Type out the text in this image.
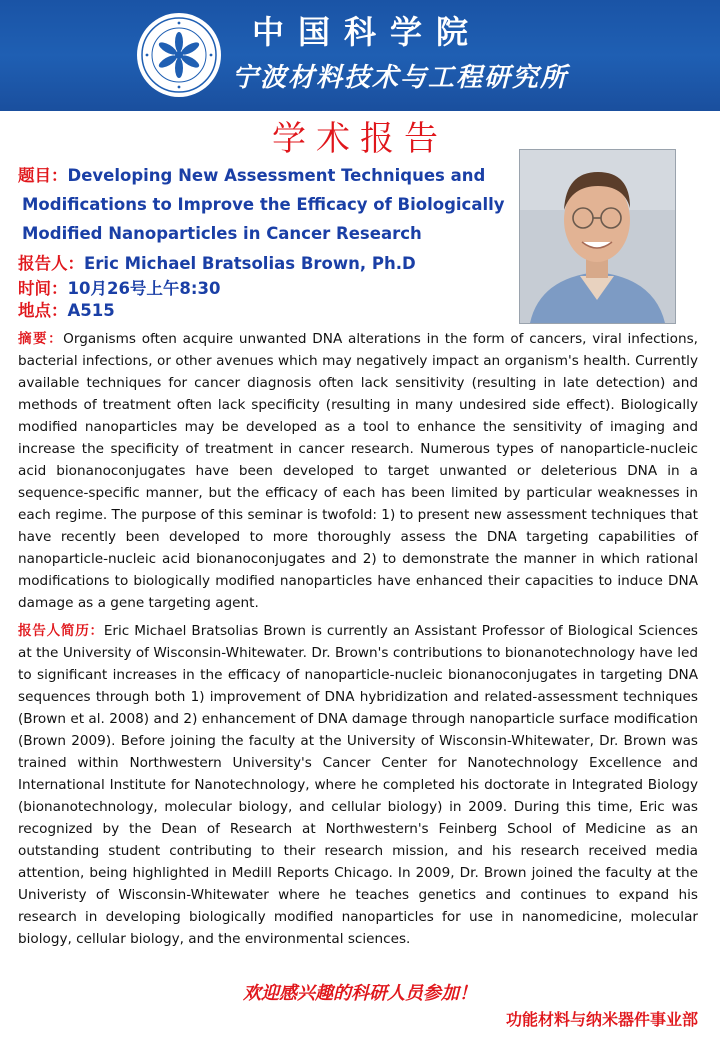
中国科学院
宁波材料技术与工程研究所
学术报告
题目：Developing New Assessment Techniques and
Modifications to Improve the Efficacy of Biologically
Modified Nanoparticles in Cancer Research
报告人：Eric Michael Bratsolias Brown, Ph.D
时间：10月26号上午8:30
地点：A515
摘要：Organisms often acquire unwanted DNA alterations in the form of cancers, viral infections, bacterial infections, or other avenues which may negatively impact an organism's health. Currently available techniques for cancer diagnosis often lack sensitivity (resulting in late detection) and methods of treatment often lack specificity (resulting in many undesired side effect). Biologically modified nanoparticles may be developed as a tool to enhance the sensitivity of imaging and increase the specificity of treatment in cancer research. Numerous types of nanoparticle-nucleic acid bionanoconjugates have been developed to target unwanted or deleterious DNA in a sequence-specific manner, but the efficacy of each has been limited by particular weaknesses in each regime. The purpose of this seminar is twofold: 1) to present new assessment techniques that have recently been developed to more thoroughly assess the DNA targeting capabilities of nanoparticle-nucleic acid bionanoconjugates and 2) to demonstrate the manner in which rational modifications to biologically modified nanoparticles have enhanced their capacities to induce DNA damage as a gene targeting agent.
报告人简历：Eric Michael Bratsolias Brown is currently an Assistant Professor of Biological Sciences at the University of Wisconsin-Whitewater. Dr. Brown's contributions to bionanotechnology have led to significant increases in the efficacy of nanoparticle-nucleic bionanoconjugates in targeting DNA sequences through both 1) improvement of DNA hybridization and related-assessment techniques (Brown et al. 2008) and 2) enhancement of DNA damage through nanoparticle surface modification (Brown 2009). Before joining the faculty at the University of Wisconsin-Whitewater, Dr. Brown was trained within Northwestern University's Cancer Center for Nanotechnology Excellence and International Institute for Nanotechnology, where he completed his doctorate in Integrated Biology (bionanotechnology, molecular biology, and cellular biology) in 2009. During this time, Eric was recognized by the Dean of Research at Northwestern's Feinberg School of Medicine as an outstanding student contributing to their research mission, and his research received media attention, being highlighted in Medill Reports Chicago. In 2009, Dr. Brown joined the faculty at the Univeristy of Wisconsin-Whitewater where he teaches genetics and continues to expand his research in developing biologically modified nanoparticles for use in nanomedicine, molecular biology, cellular biology, and the environmental sciences.
欢迎感兴趣的科研人员参加！
功能材料与纳米器件事业部
